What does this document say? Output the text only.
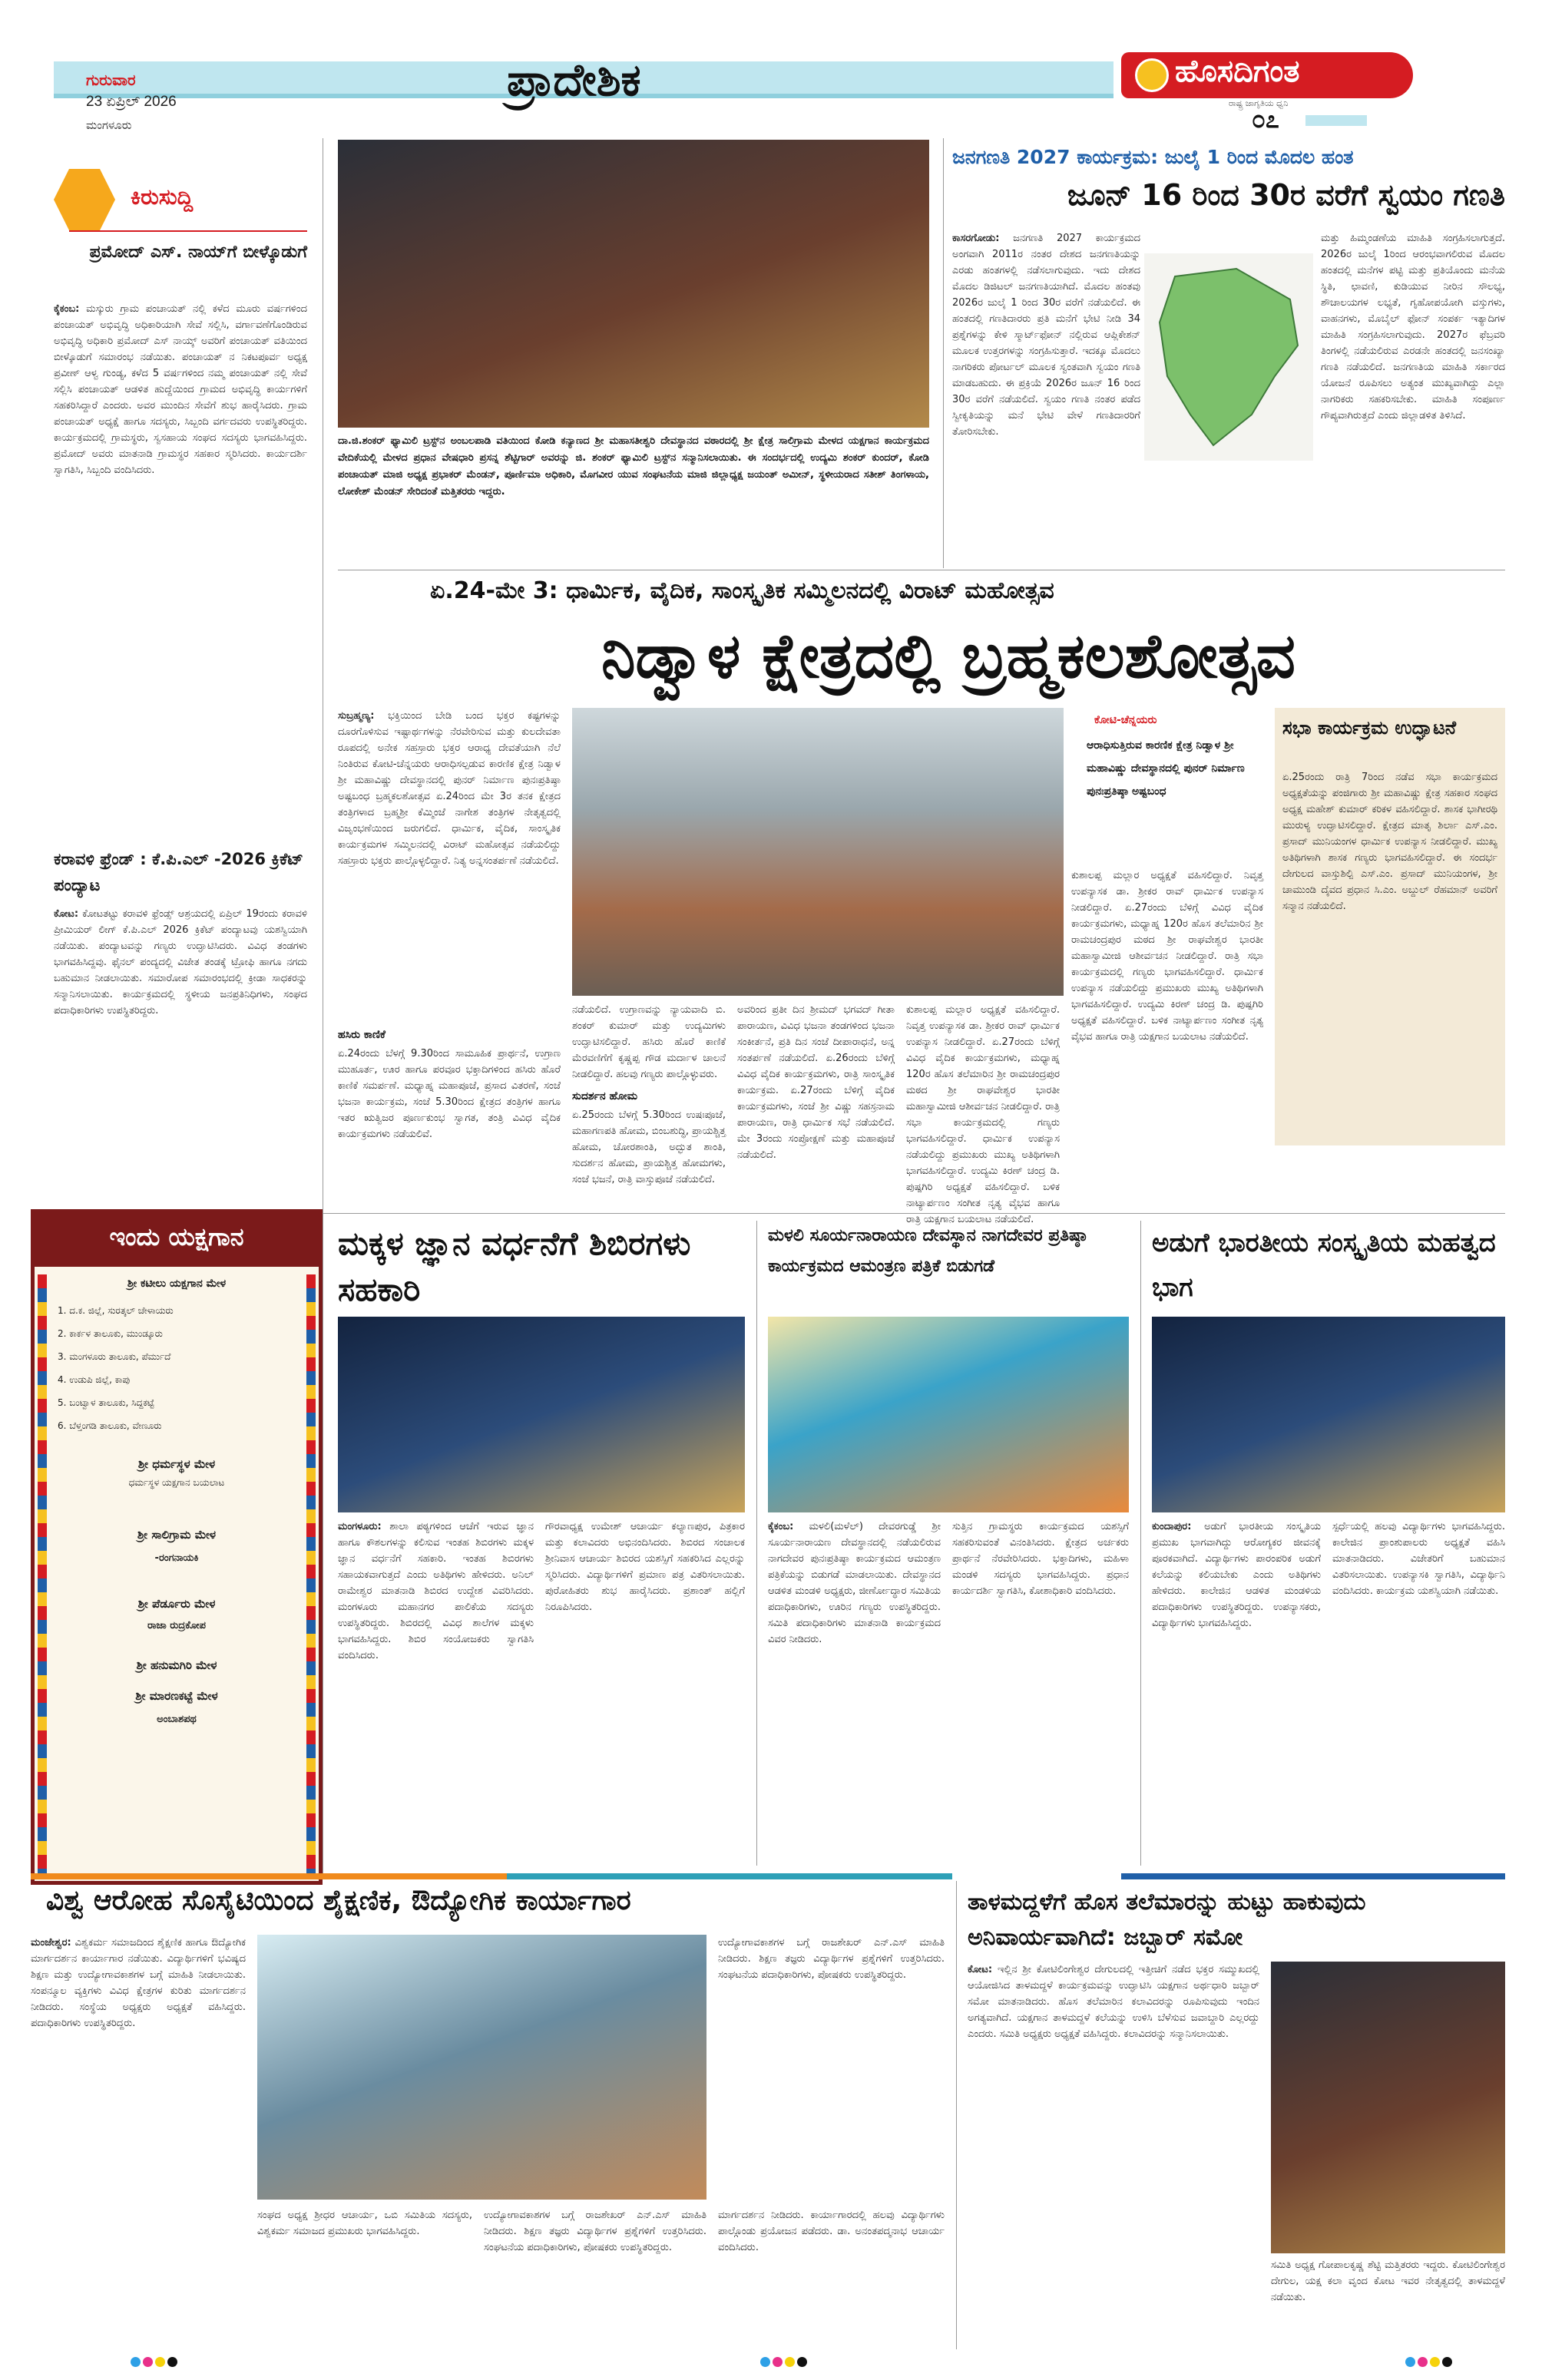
ಗುರುವಾರ
23 ಏಪ್ರಿಲ್ 2026
ಮಂಗಳೂರು
ಪ್ರಾದೇಶಿಕ	ಹೊಸದಿಗಂತ
ರಾಷ್ಟ್ರ ಜಾಗೃತಿಯ ಧ್ವನಿ
೦೭
ಕಿರುಸುದ್ದಿ
ಪ್ರಮೋದ್ ಎಸ್. ನಾಯ್‌ಗೆ ಬೀಳ್ಕೊಡುಗೆ
ಕೈಕಂಬ: ಮಸ್ಕುರು ಗ್ರಾಮ ಪಂಚಾಯತ್ ನಲ್ಲಿ ಕಳೆದ ಮೂರು ವರ್ಷಗಳಿಂದ ಪಂಚಾಯತ್ ಅಭಿವೃದ್ಧಿ ಅಧಿಕಾರಿಯಾಗಿ ಸೇವೆ ಸಲ್ಲಿಸಿ, ವರ್ಗಾವಣೆಗೊಂಡಿರುವ ಅಭಿವೃದ್ಧಿ ಅಧಿಕಾರಿ ಪ್ರಮೋದ್ ಎಸ್ ನಾಯ್ಕ್ ಅವರಿಗೆ ಪಂಚಾಯತ್ ವತಿಯಿಂದ ಬೀಳ್ಕೊಡುಗೆ ಸಮಾರಂಭ ನಡೆಯಿತು. ಪಂಚಾಯತ್ ನ ನಿಕಟಪೂರ್ವ ಅಧ್ಯಕ್ಷ ಪ್ರವೀಣ್ ಆಳ್ವ ಗುಂಡ್ಯ, ಕಳೆದ 5 ವರ್ಷಗಳಿಂದ ನಮ್ಮ ಪಂಚಾಯತ್ ನಲ್ಲಿ ಸೇವೆ ಸಲ್ಲಿಸಿ ಪಂಚಾಯತ್ ಆಡಳಿತ ಹುದ್ದೆಯಿಂದ ಗ್ರಾಮದ ಅಭಿವೃದ್ಧಿ ಕಾರ್ಯಗಳಿಗೆ ಸಹಕರಿಸಿದ್ದಾರೆ ಎಂದರು. ಅವರ ಮುಂದಿನ ಸೇವೆಗೆ ಶುಭ ಹಾರೈಸಿದರು. ಗ್ರಾಮ ಪಂಚಾಯತ್ ಅಧ್ಯಕ್ಷೆ ಹಾಗೂ ಸದಸ್ಯರು, ಸಿಬ್ಬಂದಿ ವರ್ಗದವರು ಉಪಸ್ಥಿತರಿದ್ದರು. ಕಾರ್ಯಕ್ರಮದಲ್ಲಿ ಗ್ರಾಮಸ್ಥರು, ಸ್ವಸಹಾಯ ಸಂಘದ ಸದಸ್ಯರು ಭಾಗವಹಿಸಿದ್ದರು. ಪ್ರಮೋದ್ ಅವರು ಮಾತನಾಡಿ ಗ್ರಾಮಸ್ಥರ ಸಹಕಾರ ಸ್ಮರಿಸಿದರು. ಕಾರ್ಯದರ್ಶಿ ಸ್ವಾಗತಿಸಿ, ಸಿಬ್ಬಂದಿ ವಂದಿಸಿದರು.
ಕರಾವಳಿ ಫ್ರೆಂಡ್ : ಕೆ.ಪಿ.ಎಲ್ -2026 ಕ್ರಿಕೆಟ್ ಪಂದ್ಯಾಟ
ಕೋಟ: ಕೋಟತಟ್ಟು ಕರಾವಳಿ ಫ್ರೆಂಡ್ಸ್ ಆಶ್ರಯದಲ್ಲಿ ಏಪ್ರಿಲ್ 19ರಂದು ಕರಾವಳಿ ಪ್ರೀಮಿಯರ್ ಲೀಗ್ ಕೆ.ಪಿ.ಎಲ್ 2026 ಕ್ರಿಕೆಟ್ ಪಂದ್ಯಾಟವು ಯಶಸ್ವಿಯಾಗಿ ನಡೆಯಿತು. ಪಂದ್ಯಾಟವನ್ನು ಗಣ್ಯರು ಉದ್ಘಾಟಿಸಿದರು. ವಿವಿಧ ತಂಡಗಳು ಭಾಗವಹಿಸಿದ್ದವು. ಫೈನಲ್ ಪಂದ್ಯದಲ್ಲಿ ವಿಜೇತ ತಂಡಕ್ಕೆ ಟ್ರೋಫಿ ಹಾಗೂ ನಗದು ಬಹುಮಾನ ನೀಡಲಾಯಿತು. ಸಮಾರೋಪ ಸಮಾರಂಭದಲ್ಲಿ ಕ್ರೀಡಾ ಸಾಧಕರನ್ನು ಸನ್ಮಾನಿಸಲಾಯಿತು. ಕಾರ್ಯಕ್ರಮದಲ್ಲಿ ಸ್ಥಳೀಯ ಜನಪ್ರತಿನಿಧಿಗಳು, ಸಂಘದ ಪದಾಧಿಕಾರಿಗಳು ಉಪಸ್ಥಿತರಿದ್ದರು.
ದಾ.ಜಿ.ಶಂಕರ್ ಫ್ಯಾಮಿಲಿ ಟ್ರಸ್ಟ್‌ನ ಅಂಬಲಪಾಡಿ ವತಿಯಿಂದ ಕೋಡಿ ಕನ್ಯಾಣದ ಶ್ರೀ ಮಹಾಸತೀಶ್ವರಿ ದೇವಸ್ಥಾನದ ವಠಾರದಲ್ಲಿ ಶ್ರೀ ಕ್ಷೇತ್ರ ಸಾಲಿಗ್ರಾಮ ಮೇಳದ ಯಕ್ಷಗಾನ ಕಾರ್ಯಕ್ರಮದ ವೇದಿಕೆಯಲ್ಲಿ ಮೇಳದ ಪ್ರಧಾನ ವೇಷಧಾರಿ ಪ್ರಸನ್ನ ಶೆಟ್ಟಿಗಾರ್ ಅವರನ್ನು ಜಿ. ಶಂಕರ್ ಫ್ಯಾಮಿಲಿ ಟ್ರಸ್ಟ್‌ನ ಸನ್ಮಾನಿಸಲಾಯಿತು. ಈ ಸಂದರ್ಭದಲ್ಲಿ ಉದ್ಯಮಿ ಶಂಕರ್ ಕುಂದರ್, ಕೋಡಿ ಪಂಚಾಯತ್ ಮಾಜಿ ಅಧ್ಯಕ್ಷ ಪ್ರಭಾಕರ್ ಮೆಂಡನ್, ಪೂರ್ಣಿಮಾ ಅಧಿಕಾರಿ, ಮೊಗವೀರ ಯುವ ಸಂಘಟನೆಯ ಮಾಜಿ ಜಿಲ್ಲಾಧ್ಯಕ್ಷ ಜಯಂತ್ ಅಮೀನ್, ಸ್ಥಳೀಯರಾದ ಸತೀಶ್ ತಿಂಗಳಾಯ, ಲೋಕೇಶ್ ಮೆಂಡನ್ ಸೇರಿದಂತೆ ಮತ್ತಿತರರು ಇದ್ದರು.
ಜನಗಣತಿ 2027 ಕಾರ್ಯಕ್ರಮ: ಜುಲೈ 1 ರಿಂದ ಮೊದಲ ಹಂತ
ಜೂನ್ 16 ರಿಂದ 30ರ ವರೆಗೆ ಸ್ವಯಂ ಗಣತಿ
ಕಾಸರಗೋಡು: ಜನಗಣತಿ 2027 ಕಾರ್ಯಕ್ರಮದ ಅಂಗವಾಗಿ 2011ರ ನಂತರ ದೇಶದ ಜನಗಣತಿಯನ್ನು ಎರಡು ಹಂತಗಳಲ್ಲಿ ನಡೆಸಲಾಗುವುದು. ಇದು ದೇಶದ ಮೊದಲ ಡಿಜಿಟಲ್ ಜನಗಣತಿಯಾಗಿದೆ. ಮೊದಲ ಹಂತವು 2026ರ ಜುಲೈ 1 ರಿಂದ 30ರ ವರೆಗೆ ನಡೆಯಲಿದೆ. ಈ ಹಂತದಲ್ಲಿ ಗಣತಿದಾರರು ಪ್ರತಿ ಮನೆಗೆ ಭೇಟಿ ನೀಡಿ 34 ಪ್ರಶ್ನೆಗಳನ್ನು ಕೇಳಿ ಸ್ಮಾರ್ಟ್‌ಫೋನ್ ನಲ್ಲಿರುವ ಆಪ್ಲಿಕೇಶನ್ ಮೂಲಕ ಉತ್ತರಗಳನ್ನು ಸಂಗ್ರಹಿಸುತ್ತಾರೆ. ಇದಕ್ಕೂ ಮೊದಲು ನಾಗರಿಕರು ಪೋರ್ಟಲ್ ಮೂಲಕ ಸ್ವಂತವಾಗಿ ಸ್ವಯಂ ಗಣತಿ ಮಾಡಬಹುದು. ಈ ಪ್ರಕ್ರಿಯೆ 2026ರ ಜೂನ್ 16 ರಿಂದ 30ರ ವರೆಗೆ ನಡೆಯಲಿದೆ. ಸ್ವಯಂ ಗಣತಿ ನಂತರ ಪಡೆದ ಸ್ವೀಕೃತಿಯನ್ನು ಮನೆ ಭೇಟಿ ವೇಳೆ ಗಣತಿದಾರರಿಗೆ ತೋರಿಸಬೇಕು.
ಮತ್ತು ಹಿಮ್ಮಂಡಣೆಯ ಮಾಹಿತಿ ಸಂಗ್ರಹಿಸಲಾಗುತ್ತದೆ. 2026ರ ಜುಲೈ 1ರಿಂದ ಆರಂಭವಾಗಲಿರುವ ಮೊದಲ ಹಂತದಲ್ಲಿ ಮನೆಗಳ ಪಟ್ಟಿ ಮತ್ತು ಪ್ರತಿಯೊಂದು ಮನೆಯ ಸ್ಥಿತಿ, ಛಾವಣಿ, ಕುಡಿಯುವ ನೀರಿನ ಸೌಲಭ್ಯ, ಶೌಚಾಲಯಗಳ ಲಭ್ಯತೆ, ಗೃಹೋಪಯೋಗಿ ವಸ್ತುಗಳು, ವಾಹನಗಳು, ಮೊಬೈಲ್ ಫೋನ್ ಸಂಪರ್ಕ ಇತ್ಯಾದಿಗಳ ಮಾಹಿತಿ ಸಂಗ್ರಹಿಸಲಾಗುವುದು. 2027ರ ಫೆಬ್ರವರಿ ತಿಂಗಳಲ್ಲಿ ನಡೆಯಲಿರುವ ಎರಡನೇ ಹಂತದಲ್ಲಿ ಜನಸಂಖ್ಯಾ ಗಣತಿ ನಡೆಯಲಿದೆ. ಜನಗಣತಿಯ ಮಾಹಿತಿ ಸರ್ಕಾರದ ಯೋಜನೆ ರೂಪಿಸಲು ಅತ್ಯಂತ ಮುಖ್ಯವಾಗಿದ್ದು ಎಲ್ಲಾ ನಾಗರಿಕರು ಸಹಕರಿಸಬೇಕು. ಮಾಹಿತಿ ಸಂಪೂರ್ಣ ಗೌಪ್ಯವಾಗಿರುತ್ತದೆ ಎಂದು ಜಿಲ್ಲಾಡಳಿತ ತಿಳಿಸಿದೆ.
ಏ.24-ಮೇ 3: ಧಾರ್ಮಿಕ, ವೈದಿಕ, ಸಾಂಸ್ಕೃತಿಕ ಸಮ್ಮಿಲನದಲ್ಲಿ ವಿರಾಟ್ ಮಹೋತ್ಸವ
ನಿಡ್ವಾಳ ಕ್ಷೇತ್ರದಲ್ಲಿ ಬ್ರಹ್ಮಕಲಶೋತ್ಸವ
ಸುಬ್ರಹ್ಮಣ್ಯ: ಭಕ್ತಿಯಿಂದ ಬೇಡಿ ಬಂದ ಭಕ್ತರ ಕಷ್ಟಗಳನ್ನು ದೂರಗೊಳಿಸುವ ಇಷ್ಟಾರ್ಥಗಳನ್ನು ನೆರವೇರಿಸುವ ಮತ್ತು ಕುಲದೇವತಾ ರೂಪದಲ್ಲಿ ಅನೇಕ ಸಹಸ್ರಾರು ಭಕ್ತರ ಆರಾಧ್ಯ ದೇವತೆಯಾಗಿ ನೆಲೆ ನಿಂತಿರುವ ಕೋಟಿ-ಚೆನ್ನಯರು ಆರಾಧಿಸಲ್ಪಡುವ ಕಾರಣಿಕ ಕ್ಷೇತ್ರ ನಿಡ್ವಾಳ ಶ್ರೀ ಮಹಾವಿಷ್ಣು ದೇವಸ್ಥಾನದಲ್ಲಿ ಪುನರ್ ನಿರ್ಮಾಣ ಪುನಃಪ್ರತಿಷ್ಠಾ ಅಷ್ಟಬಂಧ ಬ್ರಹ್ಮಕಲಶೋತ್ಸವ ಏ.24ರಿಂದ ಮೇ 3ರ ತನಕ ಕ್ಷೇತ್ರದ ತಂತ್ರಿಗಳಾದ ಬ್ರಹ್ಮಶ್ರೀ ಕೆಮ್ಮಿಂಜೆ ನಾಗೇಶ ತಂತ್ರಿಗಳ ನೇತೃತ್ವದಲ್ಲಿ ವಿಜೃಂಭಣೆಯಿಂದ ಜರುಗಲಿದೆ. ಧಾರ್ಮಿಕ, ವೈದಿಕ, ಸಾಂಸ್ಕೃತಿಕ ಕಾರ್ಯಕ್ರಮಗಳ ಸಮ್ಮಿಲನದಲ್ಲಿ ವಿರಾಟ್ ಮಹೋತ್ಸವ ನಡೆಯಲಿದ್ದು ಸಹಸ್ರಾರು ಭಕ್ತರು ಪಾಲ್ಗೊಳ್ಳಲಿದ್ದಾರೆ. ನಿತ್ಯ ಅನ್ನಸಂತರ್ಪಣೆ ನಡೆಯಲಿದೆ.
ಹಸಿರು ಕಾಣಿಕೆ
ಏ.24ರಂದು ಬೆಳಗ್ಗೆ 9.30ರಿಂದ ಸಾಮೂಹಿಕ ಪ್ರಾರ್ಥನೆ, ಉಗ್ರಾಣ ಮುಹೂರ್ತ, ಊರ ಹಾಗೂ ಪರವೂರ ಭಕ್ತಾದಿಗಳಿಂದ ಹಸಿರು ಹೊರೆ ಕಾಣಿಕೆ ಸಮರ್ಪಣೆ. ಮಧ್ಯಾಹ್ನ ಮಹಾಪೂಜೆ, ಪ್ರಸಾದ ವಿತರಣೆ, ಸಂಜೆ ಭಜನಾ ಕಾರ್ಯಕ್ರಮ, ಸಂಜೆ 5.30ರಿಂದ ಕ್ಷೇತ್ರದ ತಂತ್ರಿಗಳ ಹಾಗೂ ಇತರ ಋತ್ವಿಜರ ಪೂರ್ಣಕುಂಭ ಸ್ವಾಗತ, ತಂತ್ರಿ ವಿವಿಧ ವೈದಿಕ ಕಾರ್ಯಕ್ರಮಗಳು ನಡೆಯಲಿವೆ.
ನಡೆಯಲಿದೆ. ಉಗ್ರಾಣವನ್ನು ನ್ಯಾಯವಾದಿ ಬಿ. ಶಂಕರ್ ಕುಮಾರ್ ಮತ್ತು ಉದ್ಯಮಿಗಳು ಉದ್ಘಾಟಿಸಲಿದ್ದಾರೆ. ಹಸಿರು ಹೊರೆ ಕಾಣಿಕೆ ಮೆರವಣಿಗೆಗೆ ಕೃಷ್ಣಪ್ಪ ಗೌಡ ಮರ್ದಾಳ ಚಾಲನೆ ನೀಡಲಿದ್ದಾರೆ. ಹಲವು ಗಣ್ಯರು ಪಾಲ್ಗೊಳ್ಳುವರು.
ಸುದರ್ಶನ ಹೋಮ
ಏ.25ರಂದು ಬೆಳಗ್ಗೆ 5.30ರಿಂದ ಉಷಃಪೂಜೆ, ಮಹಾಗಣಪತಿ ಹೋಮ, ಬಿಂಬಶುದ್ಧಿ, ಪ್ರಾಯಶ್ಚಿತ್ತ ಹೋಮ, ಚೋರಶಾಂತಿ, ಅದ್ಭುತ ಶಾಂತಿ, ಸುದರ್ಶನ ಹೋಮ, ಪ್ರಾಯಶ್ಚಿತ್ತ ಹೋಮಗಳು, ಸಂಜೆ ಭಜನೆ, ರಾತ್ರಿ ವಾಸ್ತುಪೂಜೆ ನಡೆಯಲಿದೆ.
ಅವರಿಂದ ಪ್ರತೀ ದಿನ ಶ್ರೀಮದ್ ಭಗವದ್ ಗೀತಾ ಪಾರಾಯಣ, ವಿವಿಧ ಭಜನಾ ತಂಡಗಳಿಂದ ಭಜನಾ ಸಂಕೀರ್ತನೆ, ಪ್ರತಿ ದಿನ ಸಂಜೆ ದೀಪಾರಾಧನೆ, ಅನ್ನ ಸಂತರ್ಪಣೆ ನಡೆಯಲಿದೆ. ಏ.26ರಂದು ಬೆಳಿಗ್ಗೆ ವಿವಿಧ ವೈದಿಕ ಕಾರ್ಯಕ್ರಮಗಳು, ರಾತ್ರಿ ಸಾಂಸ್ಕೃತಿಕ ಕಾರ್ಯಕ್ರಮ. ಏ.27ರಂದು ಬೆಳಿಗ್ಗೆ ವೈದಿಕ ಕಾರ್ಯಕ್ರಮಗಳು, ಸಂಜೆ ಶ್ರೀ ವಿಷ್ಣು ಸಹಸ್ರನಾಮ ಪಾರಾಯಣ, ರಾತ್ರಿ ಧಾರ್ಮಿಕ ಸಭೆ ನಡೆಯಲಿದೆ. ಮೇ 3ರಂದು ಸಂಪ್ರೋಕ್ಷಣೆ ಮತ್ತು ಮಹಾಪೂಜೆ ನಡೆಯಲಿದೆ.
ಕುಶಾಲಪ್ಪ ಮಲ್ಲಾರ ಅಧ್ಯಕ್ಷತೆ ವಹಿಸಲಿದ್ದಾರೆ. ನಿವೃತ್ತ ಉಪನ್ಯಾಸಕ ಡಾ. ಶ್ರೀಕರ ರಾವ್ ಧಾರ್ಮಿಕ ಉಪನ್ಯಾಸ ನೀಡಲಿದ್ದಾರೆ. ಏ.27ರಂದು ಬೆಳಿಗ್ಗೆ ವಿವಿಧ ವೈದಿಕ ಕಾರ್ಯಕ್ರಮಗಳು, ಮಧ್ಯಾಹ್ನ 120ರ ಹೊಸ ತಲೆಮಾರಿನ ಶ್ರೀ ರಾಮಚಂದ್ರಪುರ ಮಠದ ಶ್ರೀ ರಾಘವೇಶ್ವರ ಭಾರತೀ ಮಹಾಸ್ವಾಮೀಜಿ ಆಶೀರ್ವಚನ ನೀಡಲಿದ್ದಾರೆ. ರಾತ್ರಿ ಸಭಾ ಕಾರ್ಯಕ್ರಮದಲ್ಲಿ ಗಣ್ಯರು ಭಾಗವಹಿಸಲಿದ್ದಾರೆ. ಧಾರ್ಮಿಕ ಉಪನ್ಯಾಸ ನಡೆಯಲಿದ್ದು ಪ್ರಮುಖರು ಮುಖ್ಯ ಅತಿಥಿಗಳಾಗಿ ಭಾಗವಹಿಸಲಿದ್ದಾರೆ. ಉದ್ಯಮಿ ಕಿರಣ್ ಚಂದ್ರ ಡಿ. ಪುಷ್ಪಗಿರಿ ಅಧ್ಯಕ್ಷತೆ ವಹಿಸಲಿದ್ದಾರೆ. ಬಳಿಕ ನಾಟ್ಯಾರ್ಪಣಂ ಸಂಗೀತ ನೃತ್ಯ ವೈಭವ ಹಾಗೂ ರಾತ್ರಿ ಯಕ್ಷಗಾನ ಬಯಲಾಟ ನಡೆಯಲಿದೆ.
ಕೋಟಿ-ಚೆನ್ನಯರು
ಆರಾಧಿಸುತ್ತಿರುವ ಕಾರಣಿಕ ಕ್ಷೇತ್ರ ನಿಡ್ವಾಳ ಶ್ರೀ ಮಹಾವಿಷ್ಣು ದೇವಸ್ಥಾನದಲ್ಲಿ ಪುನರ್ ನಿರ್ಮಾಣ ಪುನಃಪ್ರತಿಷ್ಠಾ ಅಷ್ಟಬಂಧ
ಕುಶಾಲಪ್ಪ ಮಲ್ಲಾರ ಅಧ್ಯಕ್ಷತೆ ವಹಿಸಲಿದ್ದಾರೆ. ನಿವೃತ್ತ ಉಪನ್ಯಾಸಕ ಡಾ. ಶ್ರೀಕರ ರಾವ್ ಧಾರ್ಮಿಕ ಉಪನ್ಯಾಸ ನೀಡಲಿದ್ದಾರೆ. ಏ.27ರಂದು ಬೆಳಿಗ್ಗೆ ವಿವಿಧ ವೈದಿಕ ಕಾರ್ಯಕ್ರಮಗಳು, ಮಧ್ಯಾಹ್ನ 120ರ ಹೊಸ ತಲೆಮಾರಿನ ಶ್ರೀ ರಾಮಚಂದ್ರಪುರ ಮಠದ ಶ್ರೀ ರಾಘವೇಶ್ವರ ಭಾರತೀ ಮಹಾಸ್ವಾಮೀಜಿ ಆಶೀರ್ವಚನ ನೀಡಲಿದ್ದಾರೆ. ರಾತ್ರಿ ಸಭಾ ಕಾರ್ಯಕ್ರಮದಲ್ಲಿ ಗಣ್ಯರು ಭಾಗವಹಿಸಲಿದ್ದಾರೆ. ಧಾರ್ಮಿಕ ಉಪನ್ಯಾಸ ನಡೆಯಲಿದ್ದು ಪ್ರಮುಖರು ಮುಖ್ಯ ಅತಿಥಿಗಳಾಗಿ ಭಾಗವಹಿಸಲಿದ್ದಾರೆ. ಉದ್ಯಮಿ ಕಿರಣ್ ಚಂದ್ರ ಡಿ. ಪುಷ್ಪಗಿರಿ ಅಧ್ಯಕ್ಷತೆ ವಹಿಸಲಿದ್ದಾರೆ. ಬಳಿಕ ನಾಟ್ಯಾರ್ಪಣಂ ಸಂಗೀತ ನೃತ್ಯ ವೈಭವ ಹಾಗೂ ರಾತ್ರಿ ಯಕ್ಷಗಾನ ಬಯಲಾಟ ನಡೆಯಲಿದೆ.
ಸಭಾ ಕಾರ್ಯಕ್ರಮ ಉದ್ಘಾಟನೆ
ಏ.25ರಂದು ರಾತ್ರಿ 7ರಿಂದ ನಡೆವ ಸಭಾ ಕಾರ್ಯಕ್ರಮದ ಅಧ್ಯಕ್ಷತೆಯನ್ನು ಪಂಜಿಗಾರು ಶ್ರೀ ಮಹಾವಿಷ್ಣು ಕ್ಷೇತ್ರ ಸಹಕಾರ ಸಂಘದ ಅಧ್ಯಕ್ಷ ಮಹೇಶ್ ಕುಮಾರ್ ಕರಿಕಳ ವಹಿಸಲಿದ್ದಾರೆ. ಶಾಸಕ ಭಾಗೀರಥಿ ಮುರುಳ್ಯ ಉದ್ಘಾಟಿಸಲಿದ್ದಾರೆ. ಕ್ಷೇತ್ರದ ಮಾತೃ ಶಿರ್ಲಾ ಎಸ್.ಎಂ. ಪ್ರಸಾದ್ ಮುನಿಯಂಗಳ ಧಾರ್ಮಿಕ ಉಪನ್ಯಾಸ ನೀಡಲಿದ್ದಾರೆ. ಮುಖ್ಯ ಅತಿಥಿಗಳಾಗಿ ಶಾಸಕ ಗಣ್ಯರು ಭಾಗವಹಿಸಲಿದ್ದಾರೆ. ಈ ಸಂದರ್ಭ ದೇಗುಲದ ವಾಸ್ತುಶಿಲ್ಪಿ ಎಸ್.ಎಂ. ಪ್ರಸಾದ್ ಮುನಿಯಂಗಳ, ಶ್ರೀ ಚಾಮುಂಡಿ ದೈವದ ಪ್ರಧಾನ ಸಿ.ಎಂ. ಅಬ್ದುಲ್ ರೆಹಮಾನ್ ಅವರಿಗೆ ಸನ್ಮಾನ ನಡೆಯಲಿದೆ.
ಇಂದು ಯಕ್ಷಗಾನ
ಶ್ರೀ ಕಟೀಲು ಯಕ್ಷಗಾನ ಮೇಳ
1. ದ.ಕ. ಜಿಲ್ಲೆ, ಸುರತ್ಕಲ್ ಚೇಳಾಯರು
2. ಕಾರ್ಕಳ ತಾಲೂಕು, ಮುಂಡ್ಕೂರು
3. ಮಂಗಳೂರು ತಾಲೂಕು, ಪೆರ್ಮುದೆ
4. ಉಡುಪಿ ಜಿಲ್ಲೆ, ಕಾಪು
5. ಬಂಟ್ವಾಳ ತಾಲೂಕು, ಸಿದ್ದಕಟ್ಟೆ
6. ಬೆಳ್ತಂಗಡಿ ತಾಲೂಕು, ವೇಣೂರು
ಶ್ರೀ ಧರ್ಮಸ್ಥಳ ಮೇಳ
ಧರ್ಮಸ್ಥಳ ಯಕ್ಷಗಾನ ಬಯಲಾಟ
ಶ್ರೀ ಸಾಲಿಗ್ರಾಮ ಮೇಳ
-ರಂಗನಾಯಕಿ
ಶ್ರೀ ಪೆರ್ಡೂರು ಮೇಳ
ರಾಜಾ ರುದ್ರಕೋಪ
ಶ್ರೀ ಹನುಮಗಿರಿ ಮೇಳ
ಶ್ರೀ ಮಾರಣಕಟ್ಟೆ ಮೇಳ
ಅಂಬಾಶಪಥ
ಮಕ್ಕಳ ಜ್ಞಾನ ವರ್ಧನೆಗೆ ಶಿಬಿರಗಳು ಸಹಕಾರಿ
ಮಂಗಳೂರು: ಶಾಲಾ ಪಠ್ಯಗಳಿಂದ ಆಚೆಗೆ ಇರುವ ಜ್ಞಾನ ಹಾಗೂ ಕೌಶಲಗಳನ್ನು ಕಲಿಸುವ ಇಂತಹ ಶಿಬಿರಗಳು ಮಕ್ಕಳ ಜ್ಞಾನ ವರ್ಧನೆಗೆ ಸಹಕಾರಿ. ಇಂತಹ ಶಿಬಿರಗಳು ಸಹಾಯಕವಾಗುತ್ತದೆ ಎಂದು ಅತಿಥಿಗಳು ಹೇಳಿದರು. ಅನಿಲ್ ರಾಮೇಶ್ವರ ಮಾತನಾಡಿ ಶಿಬಿರದ ಉದ್ದೇಶ ವಿವರಿಸಿದರು. ಮಂಗಳೂರು ಮಹಾನಗರ ಪಾಲಿಕೆಯ ಸದಸ್ಯರು ಉಪಸ್ಥಿತರಿದ್ದರು. ಶಿಬಿರದಲ್ಲಿ ವಿವಿಧ ಶಾಲೆಗಳ ಮಕ್ಕಳು ಭಾಗವಹಿಸಿದ್ದರು. ಶಿಬಿರ ಸಂಯೋಜಕರು ಸ್ವಾಗತಿಸಿ ವಂದಿಸಿದರು.
ಗೌರವಾಧ್ಯಕ್ಷ ಉಮೇಶ್ ಆಚಾರ್ಯ ಕಲ್ಯಾಣಪುರ, ಪಿತ್ರಕಾರ ಮತ್ತು ಕಲಾವಿದರು ಅಭಿನಂದಿಸಿದರು. ಶಿಬಿರದ ಸಂಚಾಲಕ ಶ್ರೀನಿವಾಸ ಆಚಾರ್ಯ ಶಿಬಿರದ ಯಶಸ್ಸಿಗೆ ಸಹಕರಿಸಿದ ಎಲ್ಲರನ್ನು ಸ್ಮರಿಸಿದರು. ವಿದ್ಯಾರ್ಥಿಗಳಿಗೆ ಪ್ರಮಾಣ ಪತ್ರ ವಿತರಿಸಲಾಯಿತು. ಪುರೋಹಿತರು ಶುಭ ಹಾರೈಸಿದರು. ಪ್ರಶಾಂತ್ ಹಲ್ಲಿಗೆ ನಿರೂಪಿಸಿದರು.
ಮಳಲಿ ಸೂರ್ಯನಾರಾಯಣ ದೇವಸ್ಥಾನ ನಾಗದೇವರ ಪ್ರತಿಷ್ಠಾ ಕಾರ್ಯಕ್ರಮದ ಆಮಂತ್ರಣ ಪತ್ರಿಕೆ ಬಿಡುಗಡೆ
ಕೈಕಂಬ: ಮಳಲಿ(ಮಳೆಲ್) ದೇವರಗುಡ್ಡೆ ಶ್ರೀ ಸೂರ್ಯನಾರಾಯಣ ದೇವಸ್ಥಾನದಲ್ಲಿ ನಡೆಯಲಿರುವ ನಾಗದೇವರ ಪುನಃಪ್ರತಿಷ್ಠಾ ಕಾರ್ಯಕ್ರಮದ ಆಮಂತ್ರಣ ಪತ್ರಿಕೆಯನ್ನು ಬಿಡುಗಡೆ ಮಾಡಲಾಯಿತು. ದೇವಸ್ಥಾನದ ಆಡಳಿತ ಮಂಡಳಿ ಅಧ್ಯಕ್ಷರು, ಜೀರ್ಣೋದ್ಧಾರ ಸಮಿತಿಯ ಪದಾಧಿಕಾರಿಗಳು, ಊರಿನ ಗಣ್ಯರು ಉಪಸ್ಥಿತರಿದ್ದರು. ಸಮಿತಿ ಪದಾಧಿಕಾರಿಗಳು ಮಾತನಾಡಿ ಕಾರ್ಯಕ್ರಮದ ವಿವರ ನೀಡಿದರು.
ಸುತ್ತಿನ ಗ್ರಾಮಸ್ಥರು ಕಾರ್ಯಕ್ರಮದ ಯಶಸ್ಸಿಗೆ ಸಹಕರಿಸುವಂತೆ ವಿನಂತಿಸಿದರು. ಕ್ಷೇತ್ರದ ಅರ್ಚಕರು ಪ್ರಾರ್ಥನೆ ನೆರವೇರಿಸಿದರು. ಭಕ್ತಾದಿಗಳು, ಮಹಿಳಾ ಮಂಡಳಿ ಸದಸ್ಯರು ಭಾಗವಹಿಸಿದ್ದರು. ಪ್ರಧಾನ ಕಾರ್ಯದರ್ಶಿ ಸ್ವಾಗತಿಸಿ, ಕೋಶಾಧಿಕಾರಿ ವಂದಿಸಿದರು.
ಅಡುಗೆ ಭಾರತೀಯ ಸಂಸ್ಕೃತಿಯ ಮಹತ್ವದ ಭಾಗ
ಕುಂದಾಪುರ: ಅಡುಗೆ ಭಾರತೀಯ ಸಂಸ್ಕೃತಿಯ ಪ್ರಮುಖ ಭಾಗವಾಗಿದ್ದು ಆರೋಗ್ಯಕರ ಜೀವನಕ್ಕೆ ಪೂರಕವಾಗಿದೆ. ವಿದ್ಯಾರ್ಥಿಗಳು ಪಾರಂಪರಿಕ ಅಡುಗೆ ಕಲೆಯನ್ನು ಕಲಿಯಬೇಕು ಎಂದು ಅತಿಥಿಗಳು ಹೇಳಿದರು. ಕಾಲೇಜಿನ ಆಡಳಿತ ಮಂಡಳಿಯ ಪದಾಧಿಕಾರಿಗಳು ಉಪಸ್ಥಿತರಿದ್ದರು. ಉಪನ್ಯಾಸಕರು, ವಿದ್ಯಾರ್ಥಿಗಳು ಭಾಗವಹಿಸಿದ್ದರು.
ಸ್ಪರ್ಧೆಯಲ್ಲಿ ಹಲವು ವಿದ್ಯಾರ್ಥಿಗಳು ಭಾಗವಹಿಸಿದ್ದರು. ಕಾಲೇಜಿನ ಪ್ರಾಂಶುಪಾಲರು ಅಧ್ಯಕ್ಷತೆ ವಹಿಸಿ ಮಾತನಾಡಿದರು. ವಿಜೇತರಿಗೆ ಬಹುಮಾನ ವಿತರಿಸಲಾಯಿತು. ಉಪನ್ಯಾಸಕಿ ಸ್ವಾಗತಿಸಿ, ವಿದ್ಯಾರ್ಥಿನಿ ವಂದಿಸಿದರು. ಕಾರ್ಯಕ್ರಮ ಯಶಸ್ವಿಯಾಗಿ ನಡೆಯಿತು.
ವಿಶ್ವ ಆರೋಹ ಸೊಸೈಟಿಯಿಂದ ಶೈಕ್ಷಣಿಕ, ಔದ್ಯೋಗಿಕ ಕಾರ್ಯಾಗಾರ
ಮಂಜೇಶ್ವರ: ವಿಶ್ವಕರ್ಮ ಸಮಾಜದಿಂದ ಶೈಕ್ಷಣಿಕ ಹಾಗೂ ಔದ್ಯೋಗಿಕ ಮಾರ್ಗದರ್ಶನ ಕಾರ್ಯಾಗಾರ ನಡೆಯಿತು. ವಿದ್ಯಾರ್ಥಿಗಳಿಗೆ ಭವಿಷ್ಯದ ಶಿಕ್ಷಣ ಮತ್ತು ಉದ್ಯೋಗಾವಕಾಶಗಳ ಬಗ್ಗೆ ಮಾಹಿತಿ ನೀಡಲಾಯಿತು. ಸಂಪನ್ಮೂಲ ವ್ಯಕ್ತಿಗಳು ವಿವಿಧ ಕ್ಷೇತ್ರಗಳ ಕುರಿತು ಮಾರ್ಗದರ್ಶನ ನೀಡಿದರು. ಸಂಸ್ಥೆಯ ಅಧ್ಯಕ್ಷರು ಅಧ್ಯಕ್ಷತೆ ವಹಿಸಿದ್ದರು. ಪದಾಧಿಕಾರಿಗಳು ಉಪಸ್ಥಿತರಿದ್ದರು.
ಉದ್ಯೋಗಾವಕಾಶಗಳ ಬಗ್ಗೆ ರಾಜಶೇಖರ್ ಎನ್.ಎಸ್ ಮಾಹಿತಿ ನೀಡಿದರು. ಶಿಕ್ಷಣ ತಜ್ಞರು ವಿದ್ಯಾರ್ಥಿಗಳ ಪ್ರಶ್ನೆಗಳಿಗೆ ಉತ್ತರಿಸಿದರು. ಸಂಘಟನೆಯ ಪದಾಧಿಕಾರಿಗಳು, ಪೋಷಕರು ಉಪಸ್ಥಿತರಿದ್ದರು.
ಸಂಘದ ಅಧ್ಯಕ್ಷ ಶ್ರೀಧರ ಆಚಾರ್ಯ, ಒಬಿ ಸಮಿತಿಯ ಸದಸ್ಯರು, ವಿಶ್ವಕರ್ಮ ಸಮಾಜದ ಪ್ರಮುಖರು ಭಾಗವಹಿಸಿದ್ದರು.
ಉದ್ಯೋಗಾವಕಾಶಗಳ ಬಗ್ಗೆ ರಾಜಶೇಖರ್ ಎನ್.ಎಸ್ ಮಾಹಿತಿ ನೀಡಿದರು. ಶಿಕ್ಷಣ ತಜ್ಞರು ವಿದ್ಯಾರ್ಥಿಗಳ ಪ್ರಶ್ನೆಗಳಿಗೆ ಉತ್ತರಿಸಿದರು. ಸಂಘಟನೆಯ ಪದಾಧಿಕಾರಿಗಳು, ಪೋಷಕರು ಉಪಸ್ಥಿತರಿದ್ದರು.
ಮಾರ್ಗದರ್ಶನ ನೀಡಿದರು. ಕಾರ್ಯಾಗಾರದಲ್ಲಿ ಹಲವು ವಿದ್ಯಾರ್ಥಿಗಳು ಪಾಲ್ಗೊಂಡು ಪ್ರಯೋಜನ ಪಡೆದರು. ಡಾ. ಅನಂತಪದ್ಮನಾಭ ಆಚಾರ್ಯ ವಂದಿಸಿದರು.
ತಾಳಮದ್ದಳೆಗೆ ಹೊಸ ತಲೆಮಾರನ್ನು ಹುಟ್ಟು ಹಾಕುವುದು ಅನಿವಾರ್ಯವಾಗಿದೆ: ಜಬ್ಬಾರ್ ಸಮೋ
ಕೋಟ: ಇಲ್ಲಿನ ಶ್ರೀ ಕೋಟಿಲಿಂಗೇಶ್ವರ ದೇಗುಲದಲ್ಲಿ ಇತ್ತೀಚಿಗೆ ನಡೆದ ಭಕ್ತರ ಸಮ್ಮುಖದಲ್ಲಿ ಆಯೋಜಿಸಿದ ತಾಳಮದ್ದಳೆ ಕಾರ್ಯಕ್ರಮವನ್ನು ಉದ್ಘಾಟಿಸಿ ಯಕ್ಷಗಾನ ಅರ್ಥಧಾರಿ ಜಬ್ಬಾರ್ ಸಮೋ ಮಾತನಾಡಿದರು. ಹೊಸ ತಲೆಮಾರಿನ ಕಲಾವಿದರನ್ನು ರೂಪಿಸುವುದು ಇಂದಿನ ಅಗತ್ಯವಾಗಿದೆ. ಯಕ್ಷಗಾನ ತಾಳಮದ್ದಳೆ ಕಲೆಯನ್ನು ಉಳಿಸಿ ಬೆಳೆಸುವ ಜವಾಬ್ದಾರಿ ಎಲ್ಲರದ್ದು ಎಂದರು. ಸಮಿತಿ ಅಧ್ಯಕ್ಷರು ಅಧ್ಯಕ್ಷತೆ ವಹಿಸಿದ್ದರು. ಕಲಾವಿದರನ್ನು ಸನ್ಮಾನಿಸಲಾಯಿತು.
ಸಮಿತಿ ಅಧ್ಯಕ್ಷ ಗೋಪಾಲಕೃಷ್ಣ ಶೆಟ್ಟಿ ಮತ್ತಿತರರು ಇದ್ದರು. ಕೋಟಿಲಿಂಗೇಶ್ವರ ದೇಗುಲ, ಯಕ್ಷ ಕಲಾ ವೃಂದ ಕೋಟ ಇವರ ನೇತೃತ್ವದಲ್ಲಿ ತಾಳಮದ್ದಳೆ ನಡೆಯಿತು.
